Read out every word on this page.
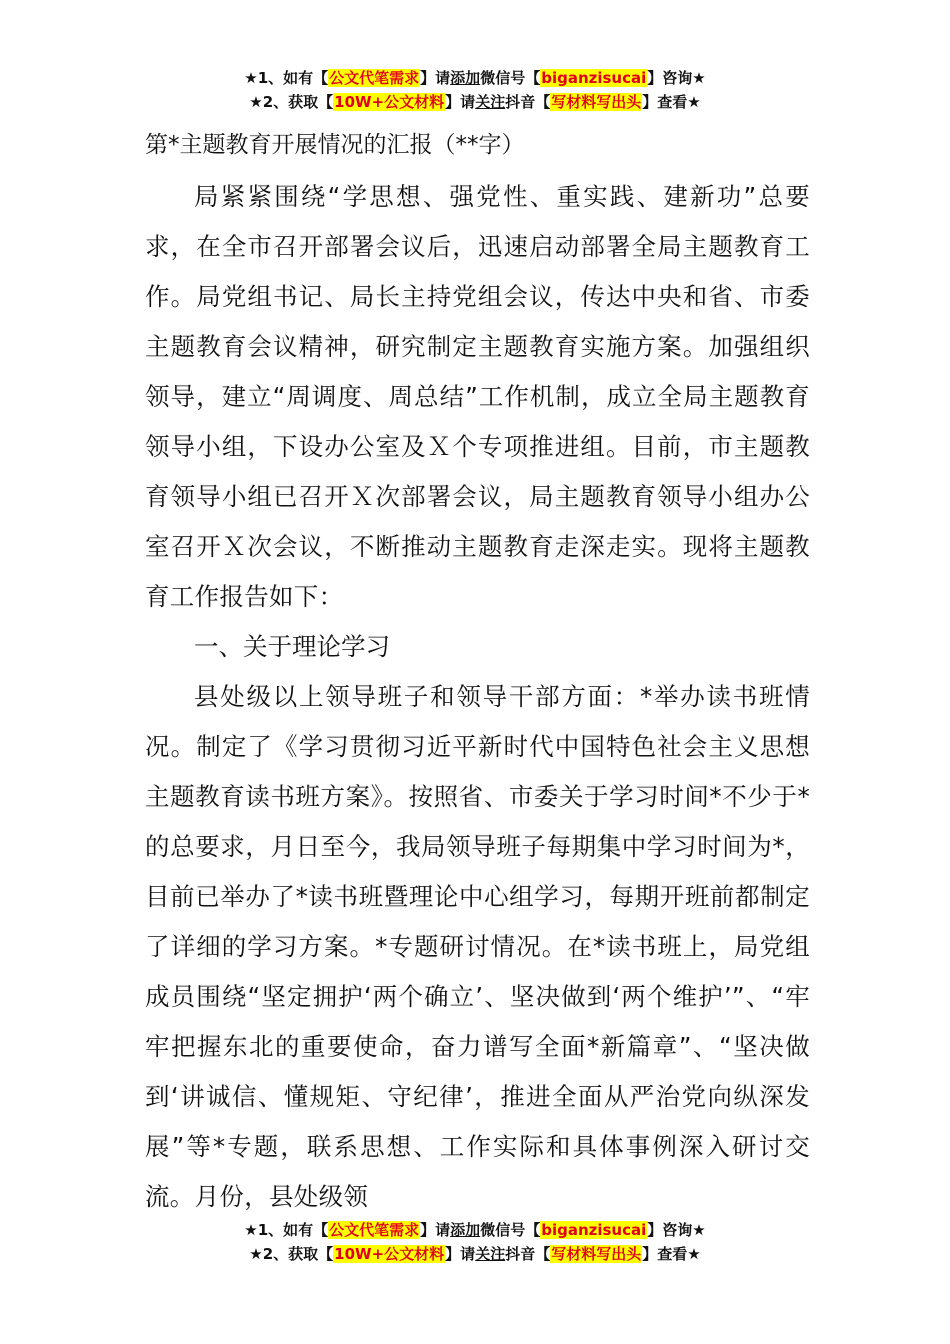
★1、如有【公文代笔需求】请添加微信号【biganzisucai】咨询★
★2、获取【10W+公文材料】请关注抖音【写材料写出头】查看★
第*主题教育开展情况的汇报（**字）

局紧紧围绕“学思想、强党性、重实践、建新功”总要求，在全市召开部署会议后，迅速启动部署全局主题教育工作。局党组书记、局长主持党组会议，传达中央和省、市委主题教育会议精神，研究制定主题教育实施方案。加强组织领导，建立“周调度、周总结”工作机制，成立全局主题教育领导小组，下设办公室及Ｘ个专项推进组。目前，市主题教育领导小组已召开Ｘ次部署会议，局主题教育领导小组办公室召开Ｘ次会议，不断推动主题教育走深走实。现将主题教育工作报告如下：

一、关于理论学习

县处级以上领导班子和领导干部方面：*举办读书班情况。制定了《学习贯彻习近平新时代中国特色社会主义思想主题教育读书班方案》。按照省、市委关于学习时间*不少于*的总要求，月日至今，我局领导班子每期集中学习时间为*，目前已举办了*读书班暨理论中心组学习，每期开班前都制定了详细的学习方案。*专题研讨情况。在*读书班上，局党组成员围绕“坚定拥护‘两个确立’、坚决做到‘两个维护’”、“牢牢把握东北的重要使命，奋力谱写全面*新篇章”、“坚决做到‘讲诚信、懂规矩、守纪律’，推进全面从严治党向纵深发展”等*专题，联系思想、工作实际和具体事例深入研讨交流。月份，县处级领

★1、如有【公文代笔需求】请添加微信号【biganzisucai】咨询★
★2、获取【10W+公文材料】请关注抖音【写材料写出头】查看★
